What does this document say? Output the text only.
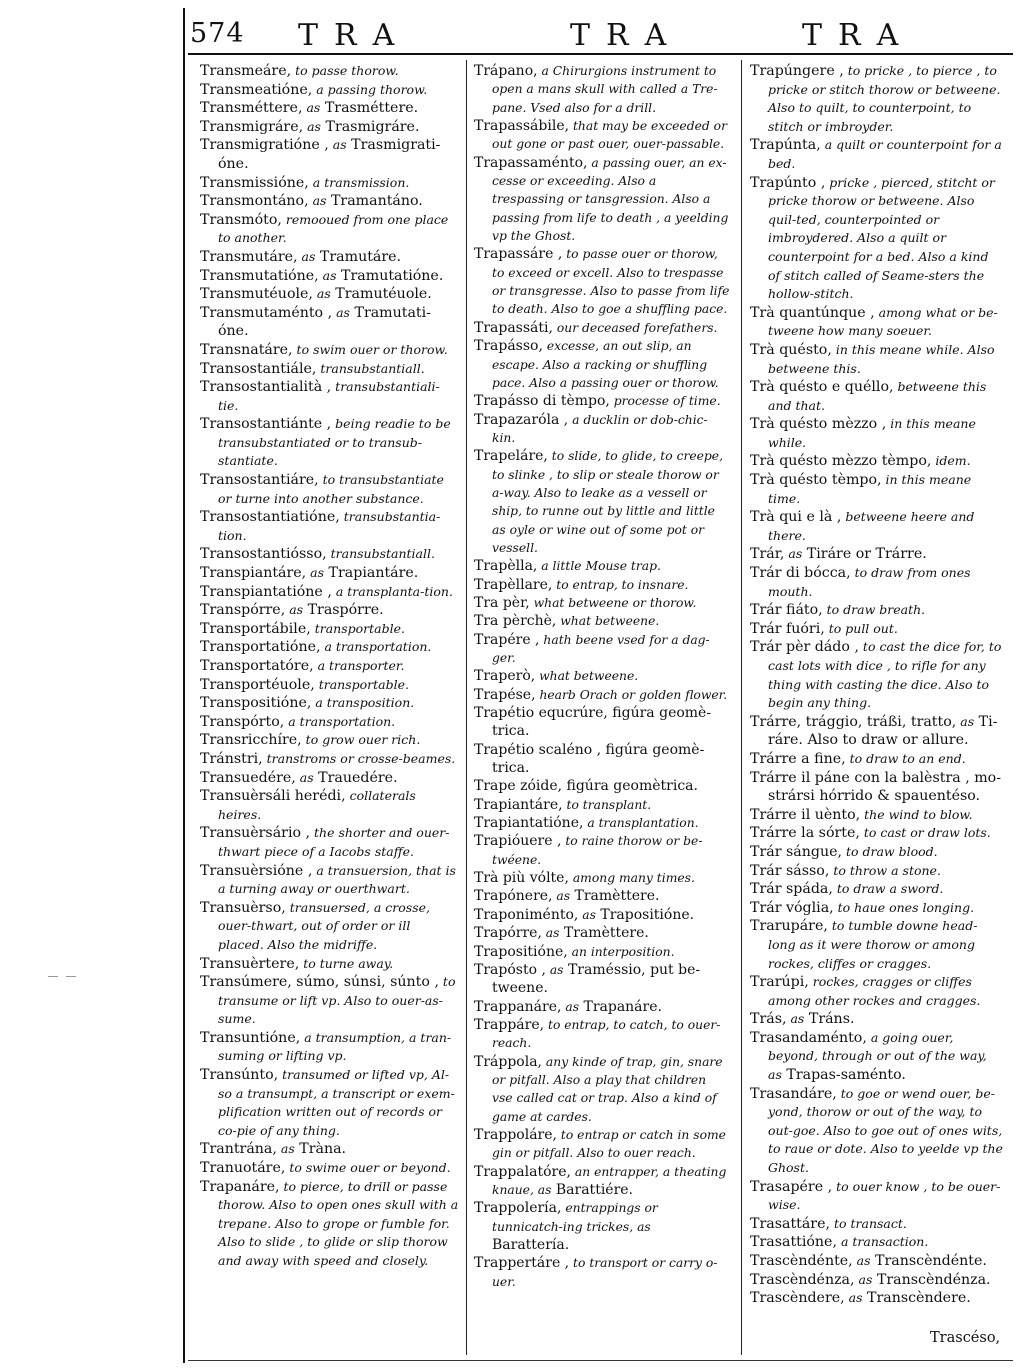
574 TRA	TRA	TRA

Transmeáre, to passe thorow.

Transmeatióne, a passing thorow.

Transméttere, as Trasméttere.

Transmigráre, as Trasmigráre.

Transmigratióne , as Trasmigrati-óne.

Transmissióne, a transmission.

Transmontáno, as Tramantáno.

Transmóto, remooued from one place to another.

Transmutáre, as Tramutáre.

Transmutatióne, as Tramutatióne.

Transmutéuole, as Tramutéuole.

Transmutaménto , as Tramutati-óne.

Transnatáre, to swim ouer or thorow.

Transostantiále, transubstantiall.

Transostantialità , transubstantiali-tie.

Transostantiánte , being readie to be transubstantiated or to transub-stantiate.

Transostantiáre, to transubstantiate or turne into another substance.

Transostantiatióne, transubstantia-tion.

Transostantiósso, transubstantiall.

Transpiantáre, as Trapiantáre.

Transpiantatióne , a transplanta-tion.

Transpórre, as Traspórre.

Transportábile, transportable.

Transportatióne, a transportation.

Transportatóre, a transporter.

Transportéuole, transportable.

Transpositióne, a transposition.

Transpórto, a transportation.

Transricchíre, to grow ouer rich.

Tránstri, transtroms or crosse-beames.

Transuedére, as Trauedére.

Transuèrsáli herédi, collaterals heires.

Transuèrsário , the shorter and ouer-thwart piece of a Iacobs staffe.

Transuèrsióne , a transuersion, that is a turning away or ouerthwart.

Transuèrso, transuersed, a crosse, ouer-thwart, out of order or ill placed. Also the midriffe.

Transuèrtere, to turne away.

Transúmere, súmo, súnsi, súnto , to transume or lift vp. Also to ouer-as-sume.

Transuntióne, a transumption, a tran-suming or lifting vp.

Transúnto, transumed or lifted vp, Al-so a transumpt, a transcript or exem-plification written out of records or co-pie of any thing.

Trantrána, as Tràna.

Tranuotáre, to swime ouer or beyond.

Trapanáre, to pierce, to drill or passe thorow. Also to open ones skull with a trepane. Also to grope or fumble for. Also to slide , to glide or slip thorow and away with speed and closely.

Trápano, a Chirurgions instrument to open a mans skull with called a Tre-pane. Vsed also for a drill.

Trapassábile, that may be exceeded or out gone or past ouer, ouer-passable.

Trapassaménto, a passing ouer, an ex-cesse or exceeding. Also a trespassing or tansgression. Also a passing from life to death , a yeelding vp the Ghost.

Trapassáre , to passe ouer or thorow, to exceed or excell. Also to trespasse or transgresse. Also to passe from life to death. Also to goe a shuffling pace.

Trapassáti, our deceased forefathers.

Trapásso, excesse, an out slip, an escape. Also a racking or shuffling pace. Also a passing ouer or thorow.

Trapásso di tèmpo, processe of time.

Trapazaróla , a ducklin or dob-chic-kin.

Trapeláre, to slide, to glide, to creepe, to slinke , to slip or steale thorow or a-way. Also to leake as a vessell or ship, to runne out by little and little as oyle or wine out of some pot or vessell.

Trapèlla, a little Mouse trap.

Trapèllare, to entrap, to insnare.

Tra pèr, what betweene or thorow.

Tra pèrchè, what betweene.

Trapére , hath beene vsed for a dag-ger.

Traperò, what betweene.

Trapése, hearb Orach or golden flower.

Trapétio equcrúre, figúra geomè-trica.

Trapétio scaléno , figúra geomè-trica.

Trape zóide, figúra geomètrica.

Trapiantáre, to transplant.

Trapiantatióne, a transplantation.

Trapióuere , to raine thorow or be-twéene.

Trà più vólte, among many times.

Trapónere, as Tramèttere.

Traponiménto, as Trapositióne.

Trapórre, as Tramèttere.

Trapositióne, an interposition.

Trapósto , as Traméssio, put be-tweene.

Trappanáre, as Trapanáre.

Trappáre, to entrap, to catch, to ouer-reach.

Tráppola, any kinde of trap, gin, snare or pitfall. Also a play that children vse called cat or trap. Also a kind of game at cardes.

Trappoláre, to entrap or catch in some gin or pitfall. Also to ouer reach.

Trappalatóre, an entrapper, a theating knaue, as Barattiére.

Trappolería, entrappings or tunnicatch-ing trickes, as Barattería.

Trappertáre , to transport or carry o-uer.

Trapúngere , to pricke , to pierce , to pricke or stitch thorow or betweene. Also to quilt, to counterpoint, to stitch or imbroyder.

Trapúnta, a quilt or counterpoint for a bed.

Trapúnto , pricke , pierced, stitcht or pricke thorow or betweene. Also quil-ted, counterpointed or imbroydered. Also a quilt or counterpoint for a bed. Also a kind of stitch called of Seame-sters the hollow-stitch.

Trà quantúnque , among what or be-tweene how many soeuer.

Trà quésto, in this meane while. Also betweene this.

Trà quésto e quéllo, betweene this and that.

Trà quésto mèzzo , in this meane while.

Trà quésto mèzzo tèmpo, idem.

Trà quésto tèmpo, in this meane time.

Trà qui e là , betweene heere and there.

Trár, as Tiráre or Trárre.

Trár di bócca, to draw from ones mouth.

Trár fiáto, to draw breath.

Trár fuóri, to pull out.

Trár pèr dádo , to cast the dice for, to cast lots with dice , to rifle for any thing with casting the dice. Also to begin any thing.

Trárre, trággio, tráßi, tratto, as Ti-ráre. Also to draw or allure.

Trárre a fine, to draw to an end.

Trárre il páne con la balèstra , mo-strársi hórrido & spauentéso.

Trárre il uènto, the wind to blow.

Trárre la sórte, to cast or draw lots.

Trár sángue, to draw blood.

Trár sásso, to throw a stone.

Trár spáda, to draw a sword.

Trár vóglia, to haue ones longing.

Trarupáre, to tumble downe head-long as it were thorow or among rockes, cliffes or cragges.

Trarúpi, rockes, cragges or cliffes among other rockes and cragges.

Trás, as Tráns.

Trasandaménto, a going ouer, beyond, through or out of the way, as Trapas-saménto.

Trasandáre, to goe or wend ouer, be-yond, thorow or out of the way, to out-goe. Also to goe out of ones wits, to raue or dote. Also to yeelde vp the Ghost.

Trasapére , to ouer know , to be ouer-wise.

Trasattáre, to transact.

Trasattióne, a transaction.

Trascèndénte, as Transcèndénte.

Trascèndénza, as Transcèndénza.

Trascèndere, as Transcèndere.

Trascéso,
